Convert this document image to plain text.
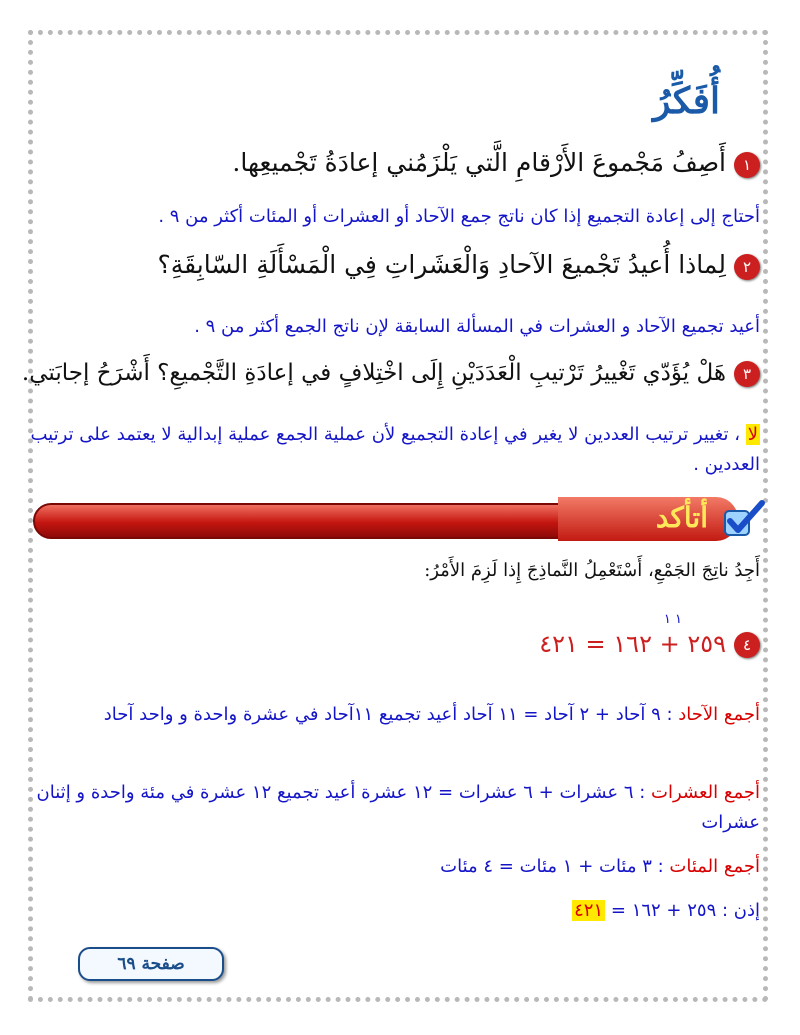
أُفَكِّرُ
١أَصِفُ مَجْموعَ الأَرْقامِ الَّتي يَلْزَمُني إعادَةُ تَجْميعِها.
أحتاج إلى إعادة التجميع إذا كان ناتج جمع الآحاد أو العشرات أو المئات أكثر من ٩ .
٢لِماذا أُعيدُ تَجْميعَ الآحادِ وَالْعَشَراتِ فِي الْمَسْأَلَةِ السّابِقَةِ؟
أعيد تجميع الآحاد و العشرات في المسألة السابقة لإن ناتج الجمع أكثر من ٩ .
٣هَلْ يُؤَدّي تَغْييرُ تَرْتيبِ الْعَدَدَيْنِ إِلَى اخْتِلافٍ في إعادَةِ التَّجْميعِ؟ أَشْرَحُ إجابَتي.
لا ، تغيير ترتيب العددين لا يغير في إعادة التجميع لأن عملية الجمع عملية إبدالية لا يعتمد على ترتيب العددين .
أتأكد
أَجِدُ ناتِجَ الجَمْعِ، أَسْتَعْمِلُ النَّماذِجَ إِذا لَزِمَ الأَمْرُ:
١ ١
٤٢٥٩ + ١٦٢ = ٤٢١
أجمع الآحاد : ٩ آحاد + ٢ آحاد = ١١ آحاد أعيد تجميع ١١آحاد في عشرة واحدة و واحد آحاد
أجمع العشرات : ٦ عشرات + ٦ عشرات = ١٢ عشرة أعيد تجميع ١٢ عشرة في مئة واحدة و إثنان عشرات
أجمع المئات : ٣ مئات + ١ مئات = ٤ مئات
إذن : ٢٥٩ + ١٦٢ = ٤٢١
صفحة ٦٩
